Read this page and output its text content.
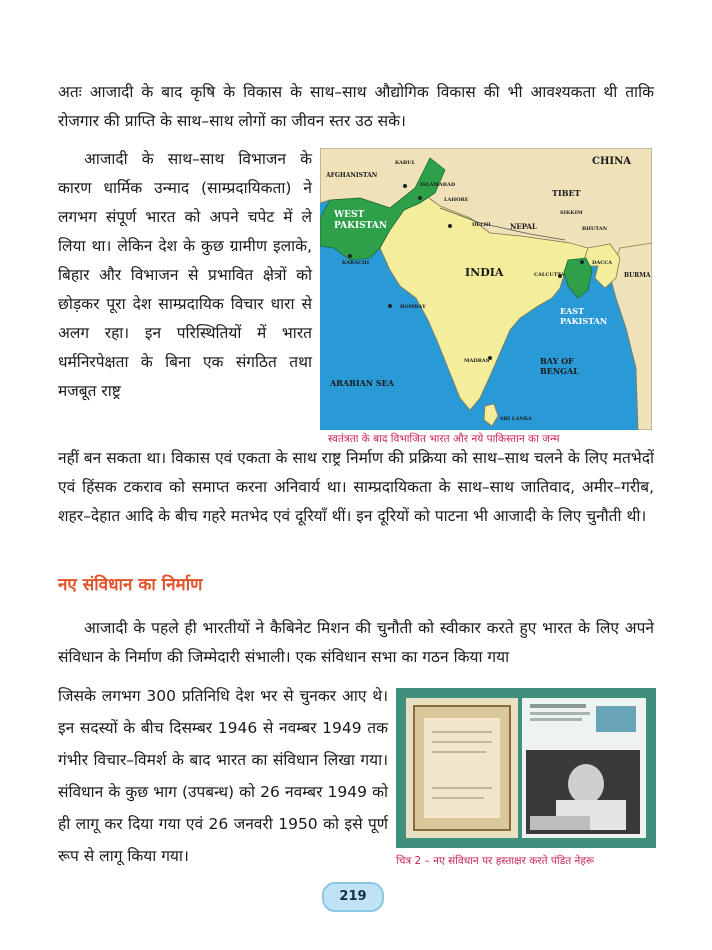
अतः आजादी के बाद कृषि के विकास के साथ–साथ औद्योगिक विकास की भी आवश्यकता थी ताकि रोजगार की प्राप्ति के साथ–साथ लोगों का जीवन स्तर उठ सके।
आजादी के साथ–साथ विभाजन के कारण धार्मिक उन्माद (साम्प्रदायिकता) ने लगभग संपूर्ण भारत को अपने चपेट में ले लिया था। लेकिन देश के कुछ ग्रामीण इलाके, बिहार और विभाजन से प्रभावित क्षेत्रों को छोड़कर पूरा देश साम्प्रदायिक विचार धारा से अलग रहा। इन परिस्थितियों में भारत धर्मनिरपेक्षता के बिना एक संगठित तथा मजबूत राष्ट्र
CHINA
KABUL
AFGHANISTAN
ISLAMABAD
LAHORE
WEST PAKISTAN
KARACHI
DELHI	NEPAL
TIBET
SIKKIM
BHUTAN
INDIA	CALCUTTA
DACCA
BURMA
EAST PAKISTAN
BOMBAY
MADRAS	BAY OF BENGAL
ARABIAN SEA
SRI LANKA
स्वतंत्रता के बाद विभाजित भारत और नये पाकिस्तान का जन्म
नहीं बन सकता था। विकास एवं एकता के साथ राष्ट्र निर्माण की प्रक्रिया को साथ–साथ चलने के लिए मतभेदों एवं हिंसक टकराव को समाप्त करना अनिवार्य था। साम्प्रदायिकता के साथ–साथ जातिवाद, अमीर–गरीब, शहर–देहात आदि के बीच गहरे मतभेद एवं दूरियाँ थीं। इन दूरियों को पाटना भी आजादी के लिए चुनौती थी।
नए संविधान का निर्माण
आजादी के पहले ही भारतीयों ने कैबिनेट मिशन की चुनौती को स्वीकार करते हुए भारत के लिए अपने संविधान के निर्माण की जिम्मेदारी संभाली। एक संविधान सभा का गठन किया गया
जिसके लगभग 300 प्रतिनिधि देश भर से चुनकर आए थे। इन सदस्यों के बीच दिसम्बर 1946 से नवम्बर 1949 तक गंभीर विचार–विमर्श के बाद भारत का संविधान लिखा गया। संविधान के कुछ भाग (उपबन्ध) को 26 नवम्बर 1949 को ही लागू कर दिया गया एवं 26 जनवरी 1950 को इसे पूर्ण रूप से लागू किया गया।	चित्र 2 – नए संविधान पर हस्ताक्षर करते पंडित नेहरू
219
